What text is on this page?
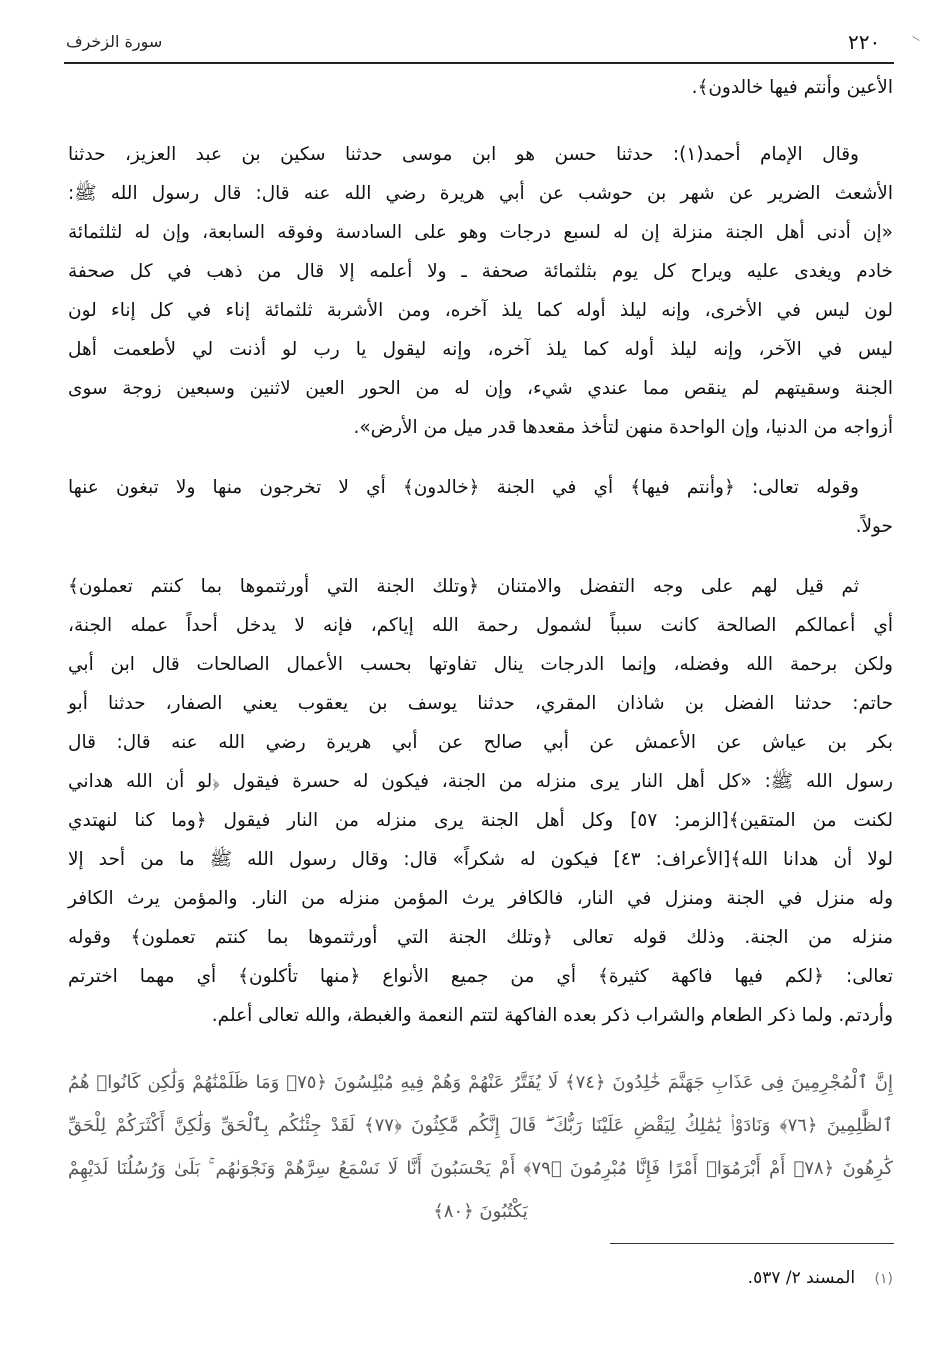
٢٢٠
سورة الزخرف
الأعين وأنتم فيها خالدون﴾.
وقال الإمام أحمد(١): حدثنا حسن هو ابن موسى حدثنا سكين بن عبد العزيز، حدثنا
الأشعث الضرير عن شهر بن حوشب عن أبي هريرة رضي الله عنه قال: قال رسول الله ﷺ:
«إن أدنى أهل الجنة منزلة إن له لسبع درجات وهو على السادسة وفوقه السابعة، وإن له لثلثمائة
خادم ويغدى عليه ويراح كل يوم بثلثمائة صحفة ـ ولا أعلمه إلا قال من ذهب في كل صحفة
لون ليس في الأخرى، وإنه ليلذ أوله كما يلذ آخره، ومن الأشربة ثلثمائة إناء في كل إناء لون
ليس في الآخر، وإنه ليلذ أوله كما يلذ آخره، وإنه ليقول يا رب لو أذنت لي لأطعمت أهل
الجنة وسقيتهم لم ينقص مما عندي شيء، وإن له من الحور العين لاثنين وسبعين زوجة سوى
أزواجه من الدنيا، وإن الواحدة منهن لتأخذ مقعدها قدر ميل من الأرض».
وقوله تعالى: ﴿وأنتم فيها﴾ أي في الجنة ﴿خالدون﴾ أي لا تخرجون منها ولا تبغون عنها
حولاً.
ثم قيل لهم على وجه التفضل والامتنان ﴿وتلك الجنة التي أورثتموها بما كنتم تعملون﴾
أي أعمالكم الصالحة كانت سبباً لشمول رحمة الله إياكم، فإنه لا يدخل أحداً عمله الجنة،
ولكن برحمة الله وفضله، وإنما الدرجات ينال تفاوتها بحسب الأعمال الصالحات قال ابن أبي
حاتم: حدثنا الفضل بن شاذان المقري، حدثنا يوسف بن يعقوب يعني الصفار، حدثنا أبو
بكر بن عياش عن الأعمش عن أبي صالح عن أبي هريرة رضي الله عنه قال: قال
رسول الله ﷺ: «كل أهل النار يرى منزله من الجنة، فيكون له حسرة فيقول ﴿لو أن الله هداني
لكنت من المتقين﴾[الزمر: ٥٧] وكل أهل الجنة يرى منزله من النار فيقول ﴿وما كنا لنهتدي
لولا أن هدانا الله﴾[الأعراف: ٤٣] فيكون له شكراً» قال: وقال رسول الله ﷺ ما من أحد إلا
وله منزل في الجنة ومنزل في النار، فالكافر يرث المؤمن منزله من النار. والمؤمن يرث الكافر
منزله من الجنة. وذلك قوله تعالى ﴿وتلك الجنة التي أورثتموها بما كنتم تعملون﴾ وقوله
تعالى: ﴿لكم فيها فاكهة كثيرة﴾ أي من جميع الأنواع ﴿منها تأكلون﴾ أي مهما اخترتم
وأردتم. ولما ذكر الطعام والشراب ذكر بعده الفاكهة لتتم النعمة والغبطة، والله تعالى أعلم.
إِنَّ ٱلْمُجْرِمِينَ فِى عَذَابِ جَهَنَّمَ خَٰلِدُونَ ﴿٧٤﴾ لَا يُفَتَّرُ عَنْهُمْ وَهُمْ فِيهِ مُبْلِسُونَ ﴿٧٥﴾ وَمَا ظَلَمْنَٰهُمْ وَلَٰكِن كَانُوا۟ هُمُ
ٱلظَّٰلِمِينَ ﴿٧٦﴾ وَنَادَوْا۟ يَٰمَٰلِكُ لِيَقْضِ عَلَيْنَا رَبُّكَ ۖ قَالَ إِنَّكُم مَّٰكِثُونَ ﴿٧٧﴾ لَقَدْ جِئْنَٰكُم بِٱلْحَقِّ وَلَٰكِنَّ أَكْثَرَكُمْ لِلْحَقِّ
كَٰرِهُونَ ﴿٧٨﴾ أَمْ أَبْرَمُوٓا۟ أَمْرًا فَإِنَّا مُبْرِمُونَ ﴿٧٩﴾ أَمْ يَحْسَبُونَ أَنَّا لَا نَسْمَعُ سِرَّهُمْ وَنَجْوَىٰهُم ۚ بَلَىٰ وَرُسُلُنَا لَدَيْهِمْ
يَكْتُبُونَ ﴿٨٠﴾
(١) المسند ٢/ ٥٣٧.
